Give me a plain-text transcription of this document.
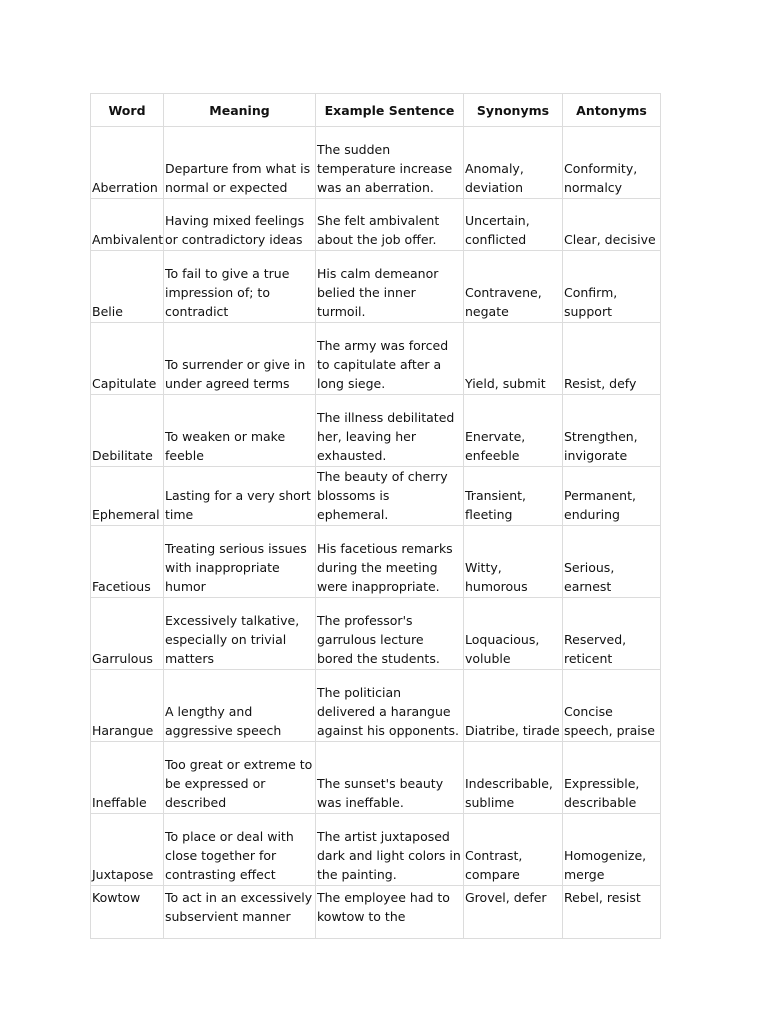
Word	Meaning	Example Sentence	Synonyms	Antonyms
Aberration	Departure from what is normal or expected	The sudden temperature increase was an aberration.	Anomaly, deviation	Conformity, normalcy
Ambivalent	Having mixed feelings or contradictory ideas	She felt ambivalent about the job offer.	Uncertain, conflicted	Clear, decisive
Belie	To fail to give a true impression of; to contradict	His calm demeanor belied the inner turmoil.	Contravene, negate	Confirm, support
Capitulate	To surrender or give in under agreed terms	The army was forced to capitulate after a long siege.	Yield, submit	Resist, defy
Debilitate	To weaken or make feeble	The illness debilitated her, leaving her exhausted.	Enervate, enfeeble	Strengthen, invigorate
Ephemeral	Lasting for a very short time	The beauty of cherry blossoms is ephemeral.	Transient, fleeting	Permanent, enduring
Facetious	Treating serious issues with inappropriate humor	His facetious remarks during the meeting were inappropriate.	Witty, humorous	Serious, earnest
Garrulous	Excessively talkative, especially on trivial matters	The professor's garrulous lecture bored the students.	Loquacious, voluble	Reserved, reticent
Harangue	A lengthy and aggressive speech	The politician delivered a harangue against his opponents.	Diatribe, tirade	Concise speech, praise
Ineffable	Too great or extreme to be expressed or described	The sunset's beauty was ineffable.	Indescribable, sublime	Expressible, describable
Juxtapose	To place or deal with close together for contrasting effect	The artist juxtaposed dark and light colors in the painting.	Contrast, compare	Homogenize, merge
Kowtow	To act in an excessively subservient manner	The employee had to kowtow to the	Grovel, defer	Rebel, resist
